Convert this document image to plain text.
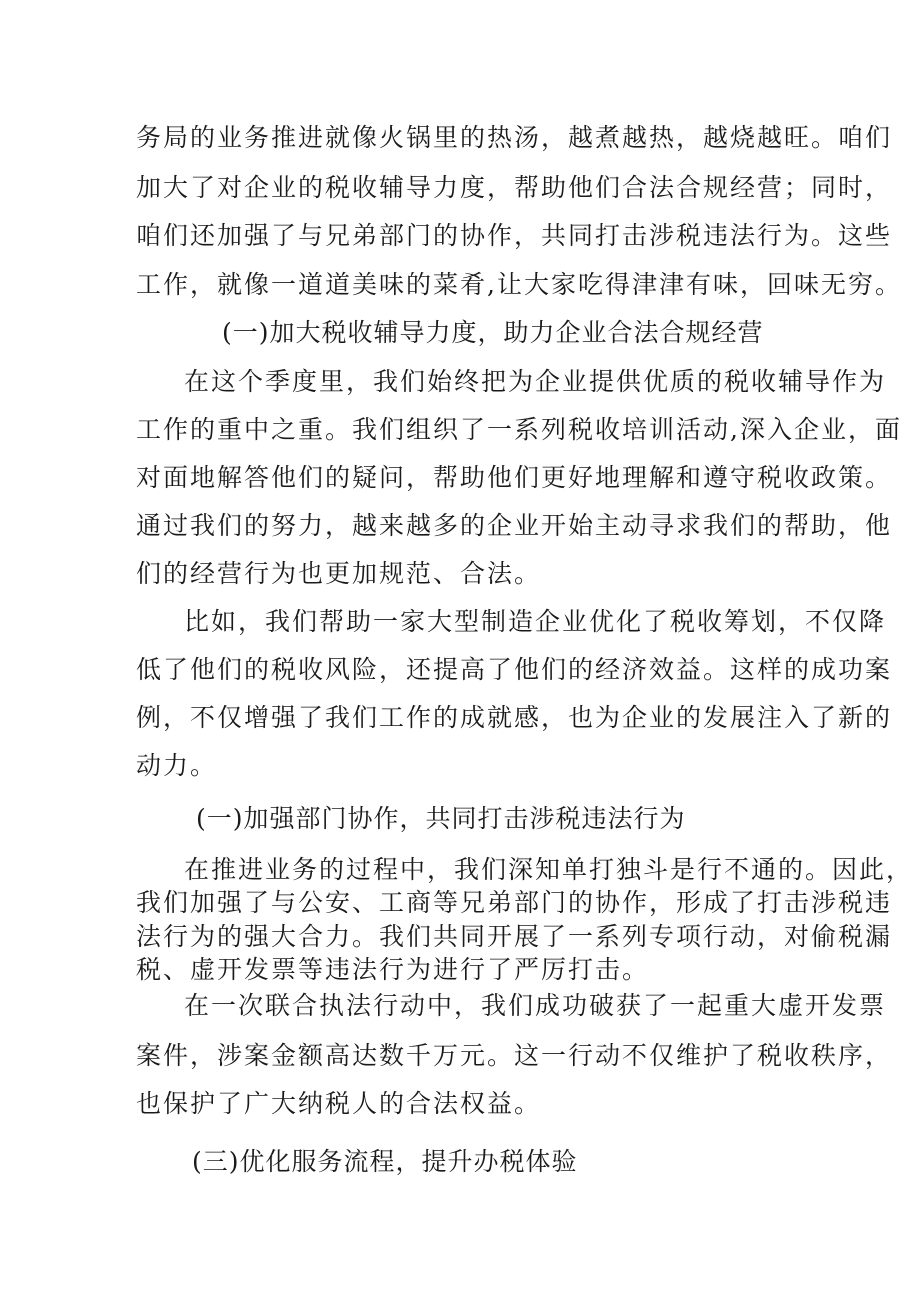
务局的业务推进就像火锅里的热汤，越煮越热，越烧越旺。咱们
加大了对企业的税收辅导力度，帮助他们合法合规经营；同时，
咱们还加强了与兄弟部门的协作，共同打击涉税违法行为。这些
工作，就像一道道美味的菜肴,让大家吃得津津有味，回味无穷。
(一)加大税收辅导力度，助力企业合法合规经营
在这个季度里，我们始终把为企业提供优质的税收辅导作为
工作的重中之重。我们组织了一系列税收培训活动,深入企业，面
对面地解答他们的疑问，帮助他们更好地理解和遵守税收政策。
通过我们的努力，越来越多的企业开始主动寻求我们的帮助，他
们的经营行为也更加规范、合法。
比如，我们帮助一家大型制造企业优化了税收筹划，不仅降
低了他们的税收风险，还提高了他们的经济效益。这样的成功案
例，不仅增强了我们工作的成就感，也为企业的发展注入了新的
动力。
(一)加强部门协作，共同打击涉税违法行为
在推进业务的过程中，我们深知单打独斗是行不通的。因此，
我们加强了与公安、工商等兄弟部门的协作，形成了打击涉税违
法行为的强大合力。我们共同开展了一系列专项行动，对偷税漏
税、虚开发票等违法行为进行了严厉打击。
在一次联合执法行动中，我们成功破获了一起重大虚开发票
案件，涉案金额高达数千万元。这一行动不仅维护了税收秩序，
也保护了广大纳税人的合法权益。
(三)优化服务流程，提升办税体验
